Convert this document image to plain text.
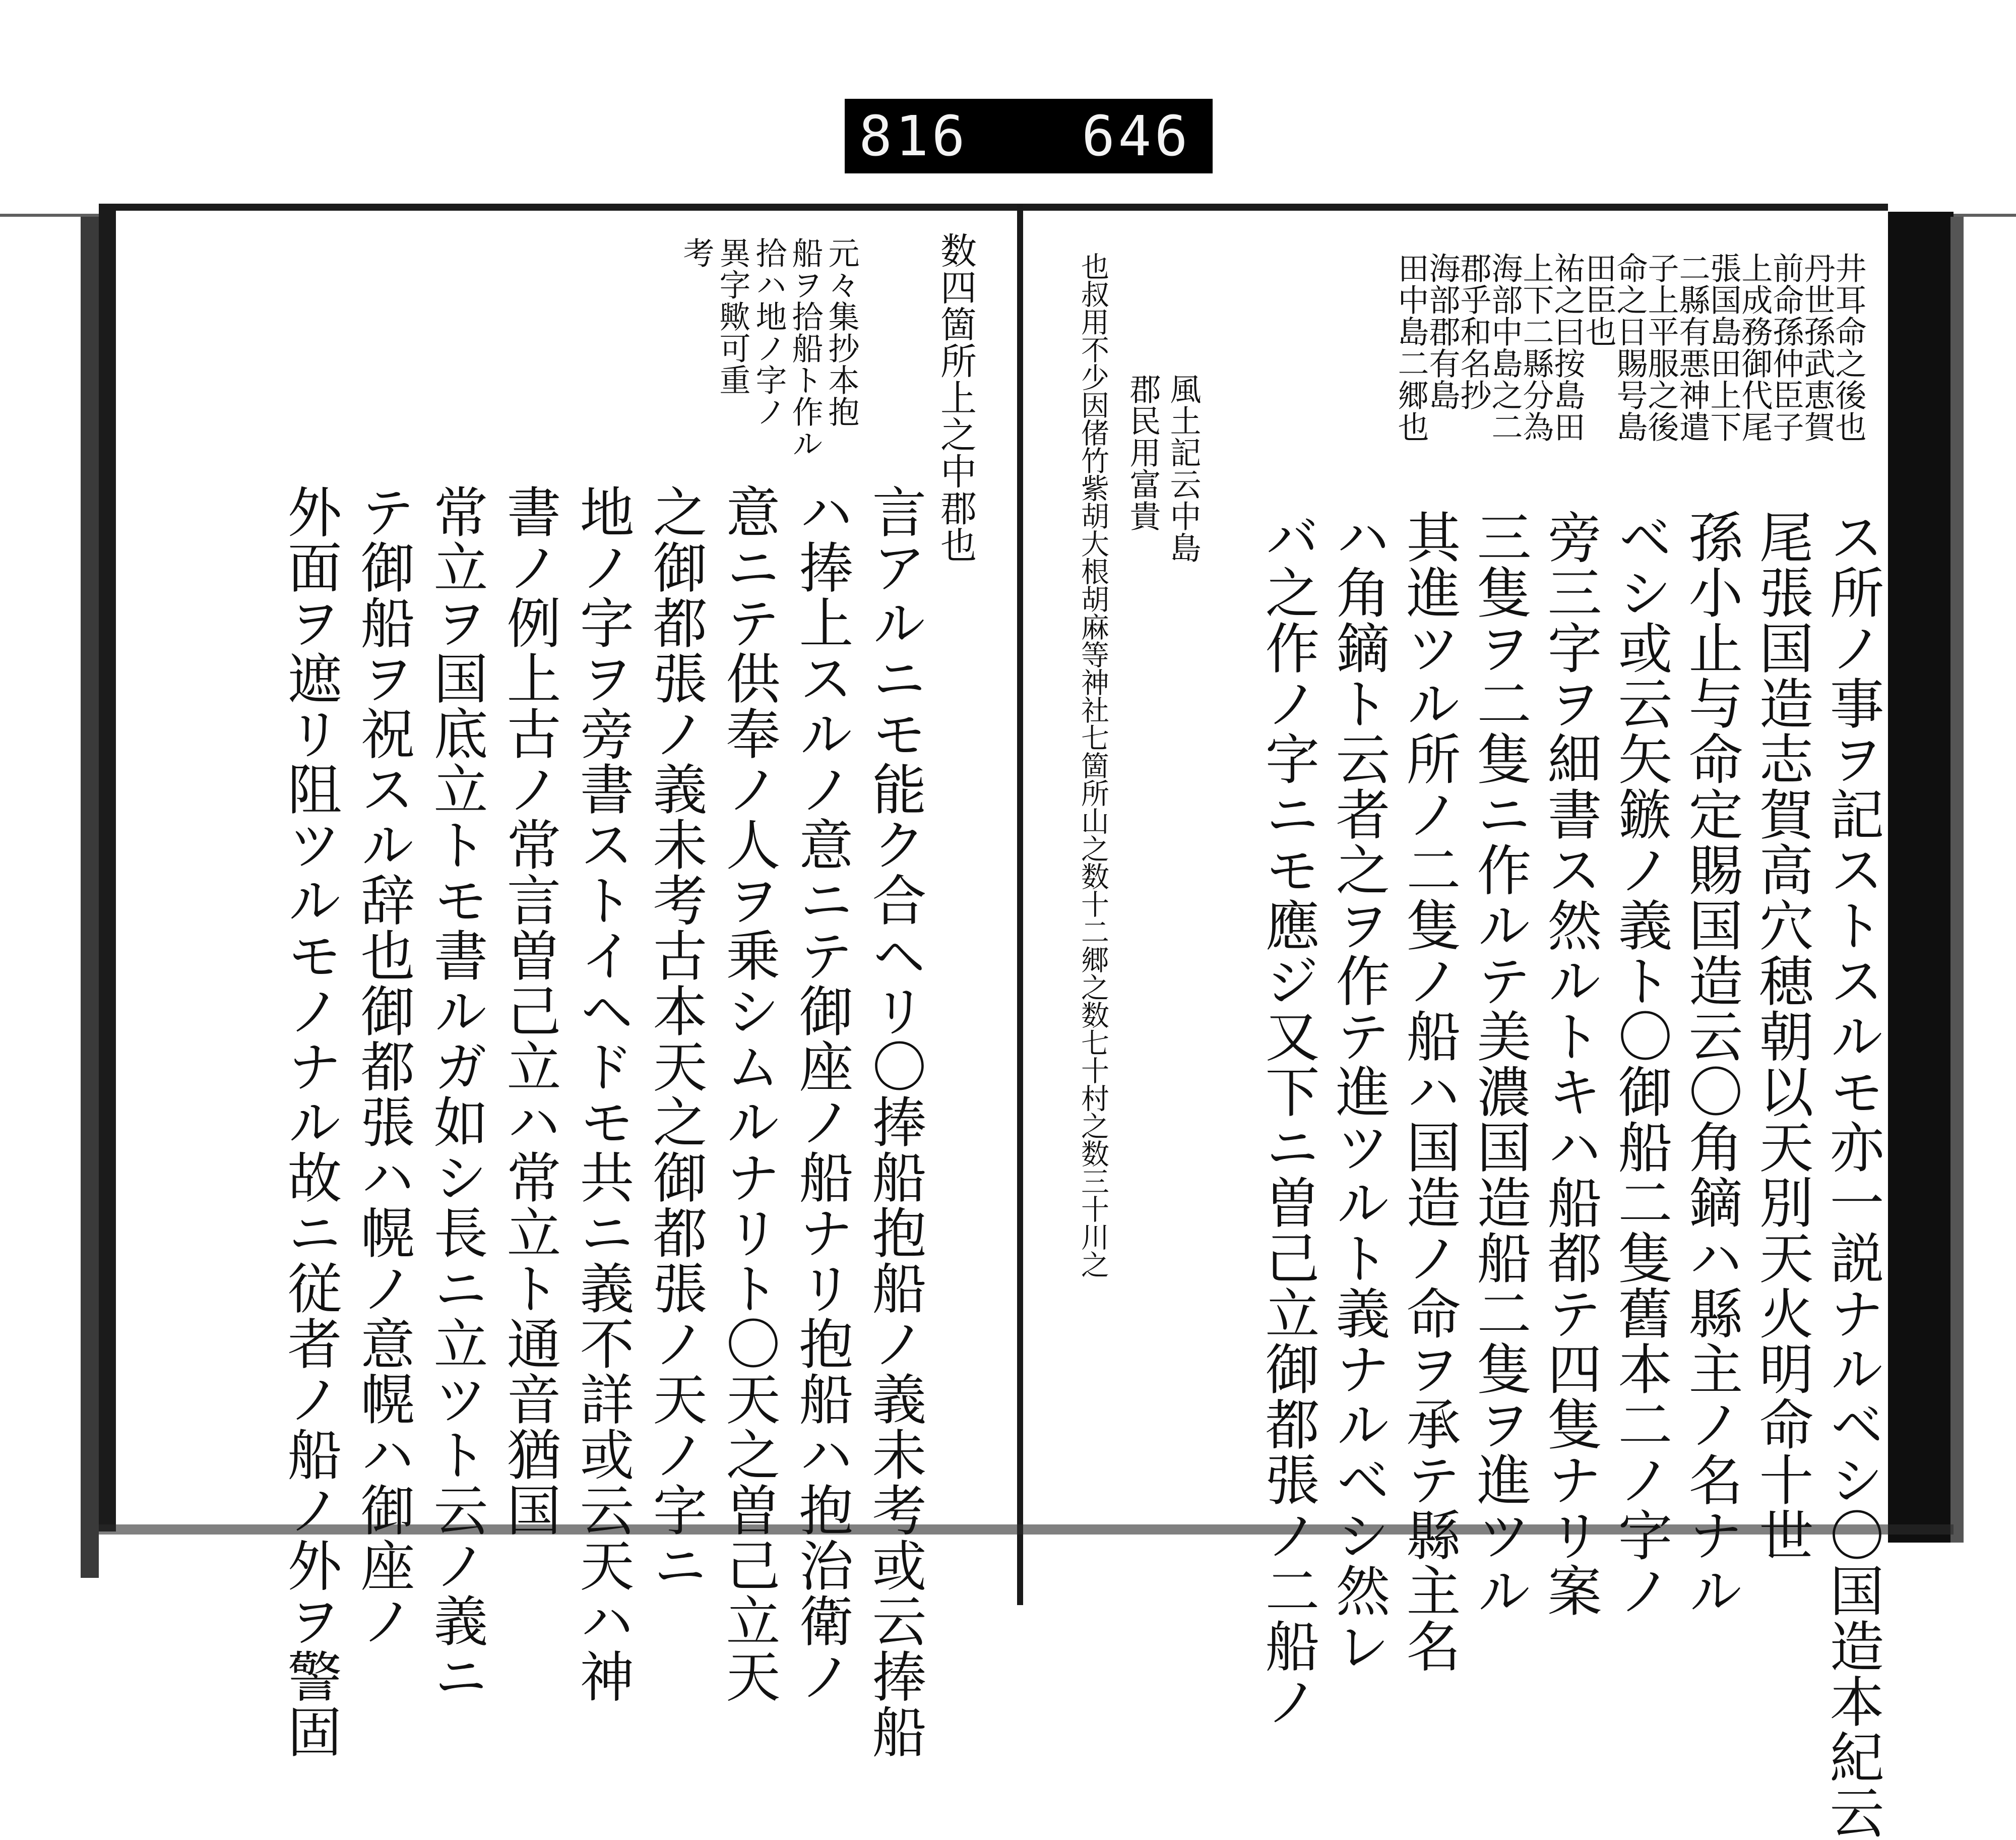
816 646
井耳命之後也
丹世孫武恵賀
前命孫仲臣子
上成務御代尾
張国島田上下
二縣有悪神遣
子上平服之後
命之日賜号島
田臣也
祐之曰按島田
上下二縣分為
海部中島之二
郡乎和名抄
海部郡有島
田中島二郷也
風土記云中島
郡民用富貴
也叔用不少因偖竹紫胡大根胡麻等神社七箇所山之数十二郷之数七十村之数三十川之	ス所ノ事ヲ記ストスルモ亦一説ナルベシ〇国造本紀云
尾張国造志賀高穴穂朝以天別天火明命十世
孫小止与命定賜国造云〇角鏑ハ縣主ノ名ナル
ベシ或云矢鏃ノ義ト〇御船二隻舊本二ノ字ノ
旁三字ヲ細書ス然ルトキハ船都テ四隻ナリ案
三隻ヲ二隻ニ作ルテ美濃国造船二隻ヲ進ツル
其進ツル所ノ二隻ノ船ハ国造ノ命ヲ承テ縣主名
ハ角鏑ト云者之ヲ作テ進ツルト義ナルベシ然レ
バ之作ノ字ニモ應ジ又下ニ曽己立御都張ノ二船ノ
数四箇所上之中郡也
元々集抄本抱
船ヲ拾船ト作ル
拾ハ地ノ字ノ
異字歟可重
考
言アルニモ能ク合ヘリ〇捧船抱船ノ義未考或云捧船
ハ捧上スルノ意ニテ御座ノ船ナリ抱船ハ抱治衛ノ
意ニテ供奉ノ人ヲ乗シムルナリト〇天之曽己立天
之御都張ノ義未考古本天之御都張ノ天ノ字ニ
地ノ字ヲ旁書ストイヘドモ共ニ義不詳或云天ハ神
書ノ例上古ノ常言曽己立ハ常立ト通音猶国
常立ヲ国底立トモ書ルガ如シ長ニ立ツト云ノ義ニ
テ御船ヲ祝スル辞也御都張ハ幌ノ意幌ハ御座ノ
外面ヲ遮リ阻ツルモノナル故ニ従者ノ船ノ外ヲ警固
